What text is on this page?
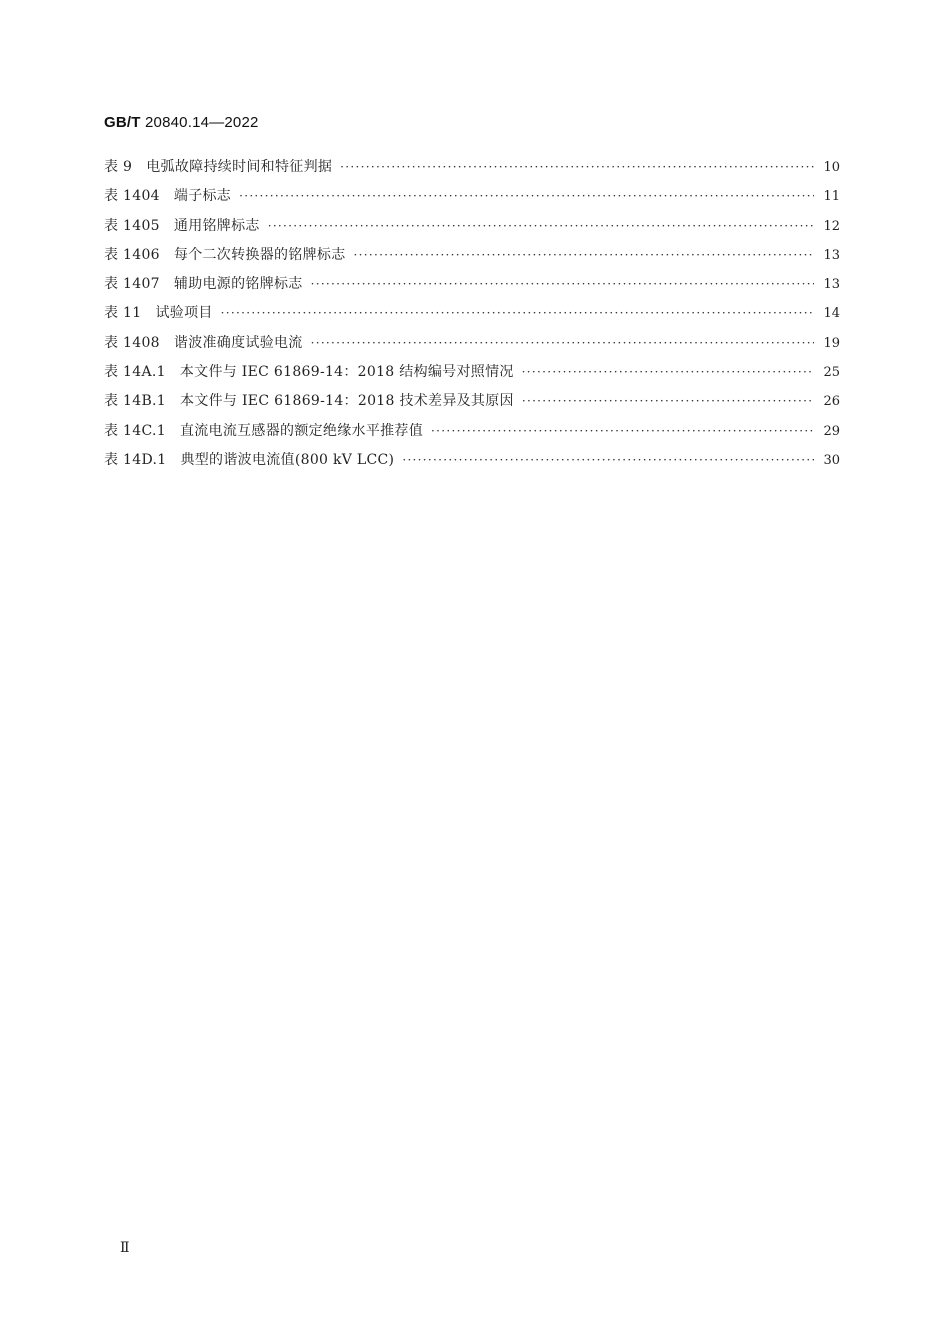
GB/T 20840.14—2022
表 9 电弧故障持续时间和特征判据 ·····	10
表 1404 端子标志 ·····	11
表 1405 通用铭牌标志 ·····	12
表 1406 每个二次转换器的铭牌标志 ·····	13
表 1407 辅助电源的铭牌标志 ·····	13
表 11 试验项目 ·····	14
表 1408 谐波准确度试验电流 ·····	19
表 14A.1 本文件与 IEC 61869-14：2018 结构编号对照情况 ·····	25
表 14B.1 本文件与 IEC 61869-14：2018 技术差异及其原因 ·····	26
表 14C.1 直流电流互感器的额定绝缘水平推荐值 ·····	29
表 14D.1 典型的谐波电流值(800 kV LCC) ·····	30
Ⅱ
